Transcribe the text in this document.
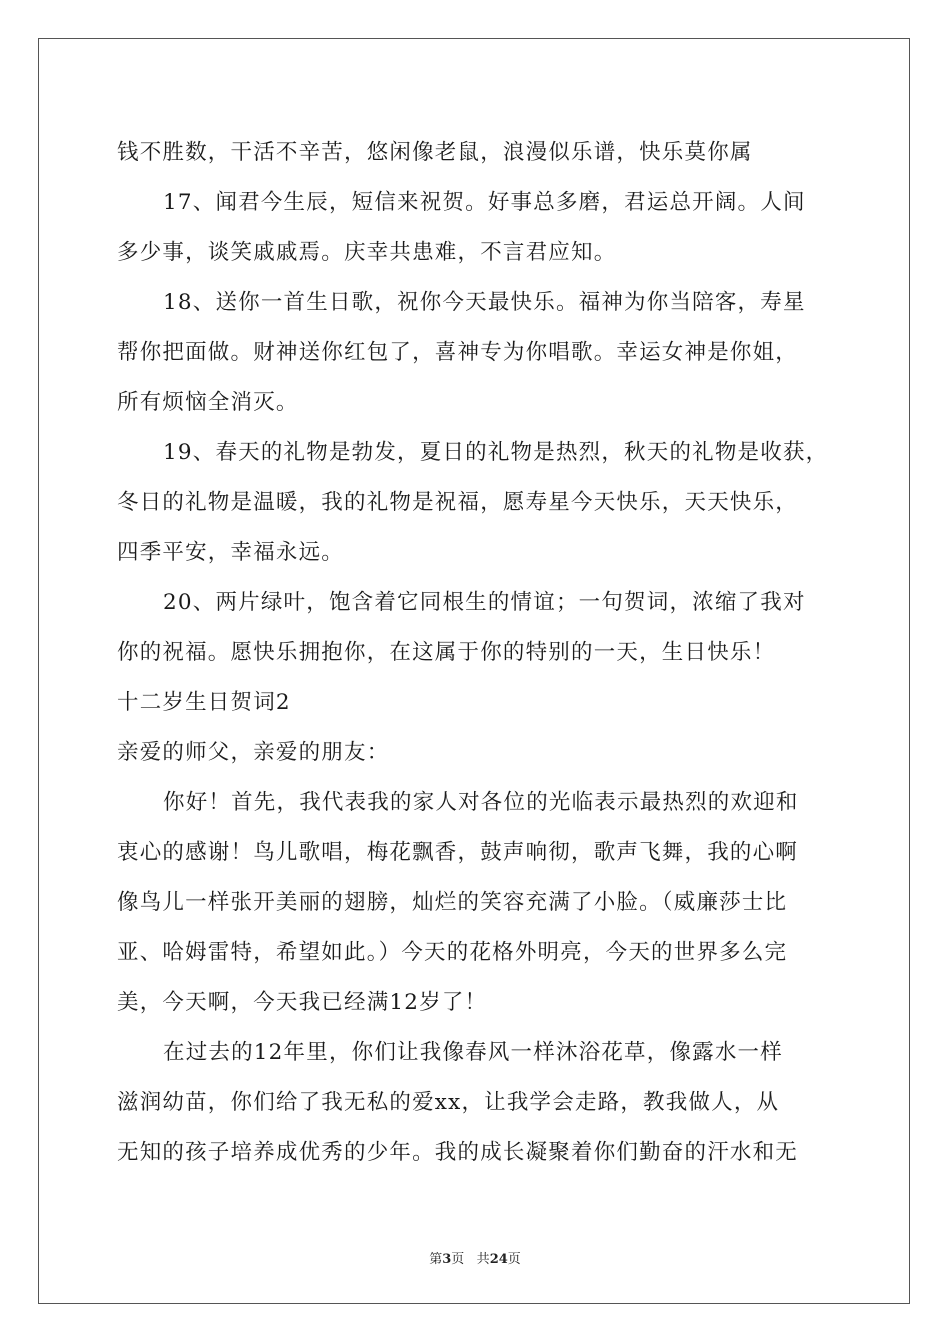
钱不胜数，干活不辛苦，悠闲像老鼠，浪漫似乐谱，快乐莫你属
17、闻君今生辰，短信来祝贺。好事总多磨，君运总开阔。人间
多少事，谈笑戚戚焉。庆幸共患难，不言君应知。
18、送你一首生日歌，祝你今天最快乐。福神为你当陪客，寿星
帮你把面做。财神送你红包了，喜神专为你唱歌。幸运女神是你姐，
所有烦恼全消灭。
19、春天的礼物是勃发，夏日的礼物是热烈，秋天的礼物是收获，
冬日的礼物是温暖，我的礼物是祝福，愿寿星今天快乐，天天快乐，
四季平安，幸福永远。
20、两片绿叶，饱含着它同根生的情谊；一句贺词，浓缩了我对
你的祝福。愿快乐拥抱你，在这属于你的特别的一天，生日快乐！
十二岁生日贺词2
亲爱的师父，亲爱的朋友：
你好！首先，我代表我的家人对各位的光临表示最热烈的欢迎和
衷心的感谢！鸟儿歌唱，梅花飘香，鼓声响彻，歌声飞舞，我的心啊
像鸟儿一样张开美丽的翅膀，灿烂的笑容充满了小脸。（威廉莎士比
亚、哈姆雷特，希望如此。）今天的花格外明亮，今天的世界多么完
美，今天啊，今天我已经满12岁了！
在过去的12年里，你们让我像春风一样沐浴花草，像露水一样
滋润幼苗，你们给了我无私的爱xx，让我学会走路，教我做人，从
无知的孩子培养成优秀的少年。我的成长凝聚着你们勤奋的汗水和无
第3页 共24页
